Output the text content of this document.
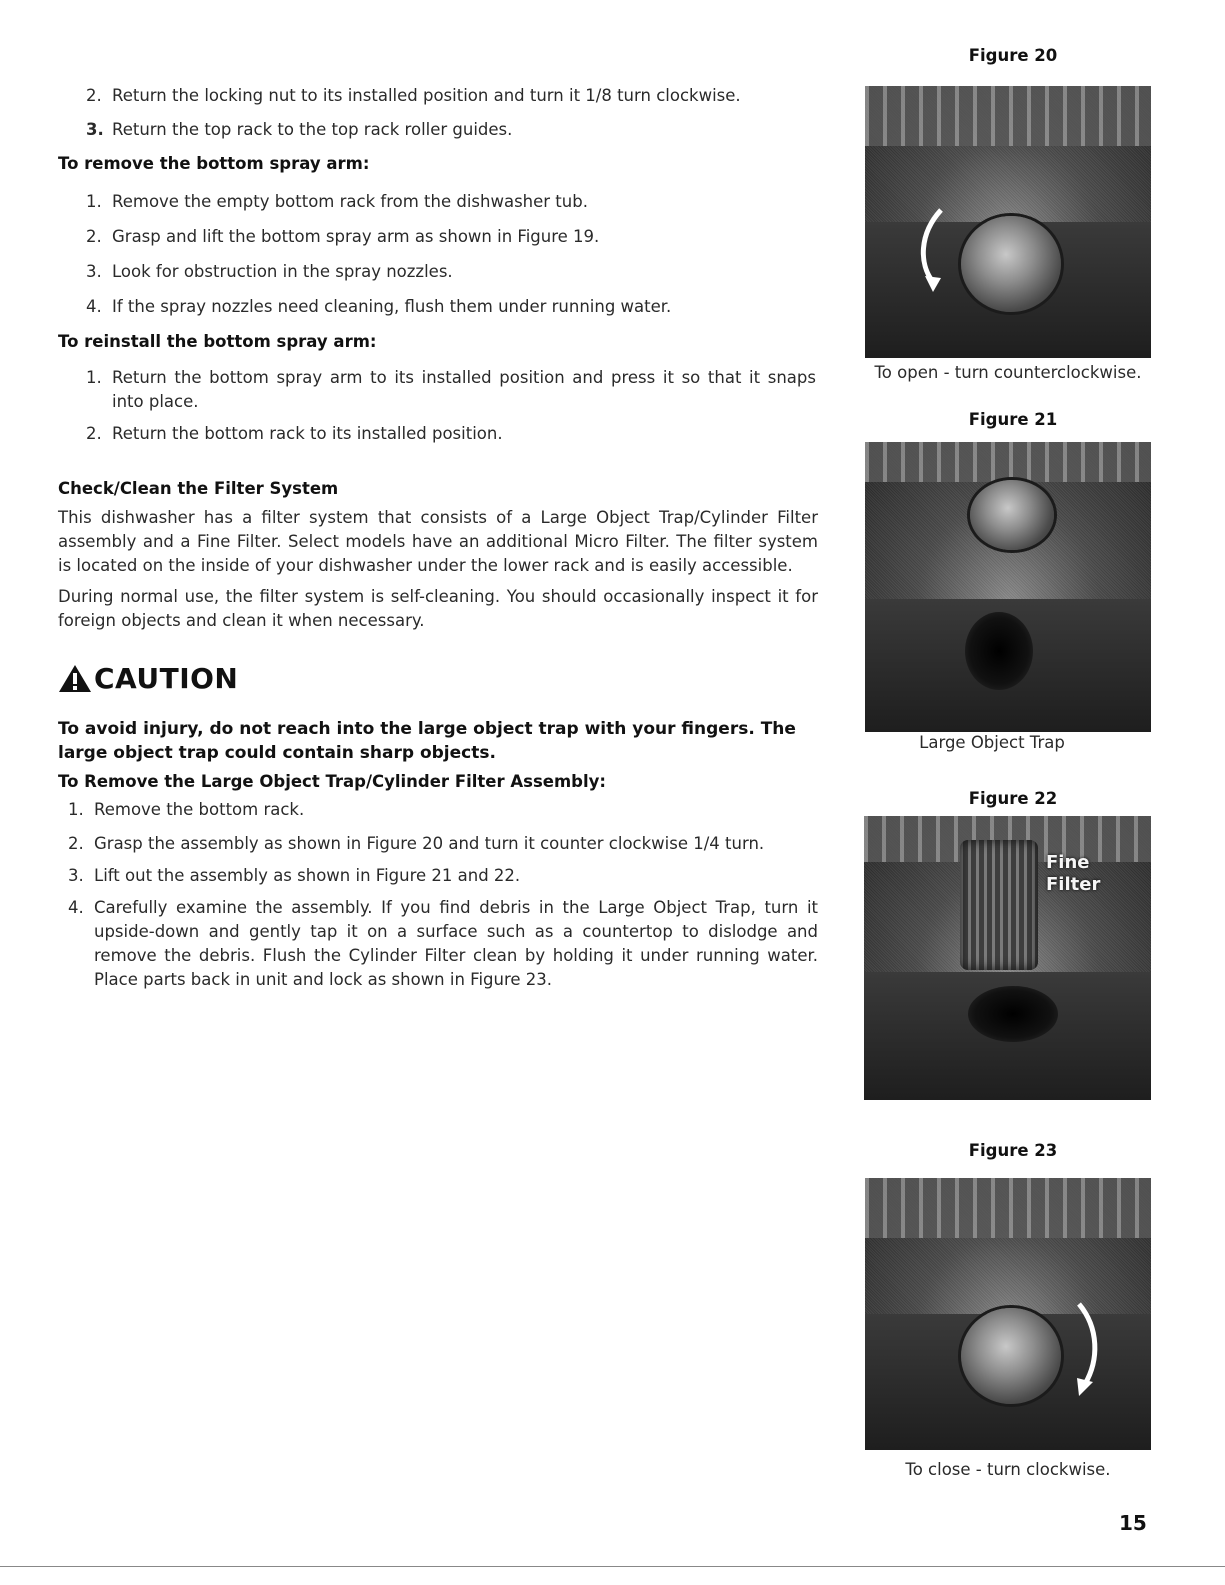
2. Return the locking nut to its installed position and turn it 1/8 turn clockwise.
3. Return the top rack to the top rack roller guides.
To remove the bottom spray arm:
1. Remove the empty bottom rack from the dishwasher tub.
2. Grasp and lift the bottom spray arm as shown in Figure 19.
3. Look for obstruction in the spray nozzles.
4. If the spray nozzles need cleaning, flush them under running water.
To reinstall the bottom spray arm:
1. Return the bottom spray arm to its installed position and press it so that it snaps into place.
2. Return the bottom rack to its installed position.
Check/Clean the Filter System
This dishwasher has a filter system that consists of a Large Object Trap/Cylinder Filter assembly and a Fine Filter. Select models have an additional Micro Filter. The filter system is located on the inside of your dishwasher under the lower rack and is easily accessible.
During normal use, the filter system is self-cleaning. You should occasionally inspect it for foreign objects and clean it when necessary.
CAUTION
To avoid injury, do not reach into the large object trap with your fingers. The large object trap could contain sharp objects.
To Remove the Large Object Trap/Cylinder Filter Assembly:
1. Remove the bottom rack.
2. Grasp the assembly as shown in Figure 20 and turn it counter clockwise 1/4 turn.
3. Lift out the assembly as shown in Figure 21 and 22.
4. Carefully examine the assembly. If you find debris in the Large Object Trap, turn it upside-down and gently tap it on a surface such as a countertop to dislodge and remove the debris. Flush the Cylinder Filter clean by holding it under running water. Place parts back in unit and lock as shown in Figure 23.
Figure 20
To open - turn counterclockwise.
Figure 21
Large Object Trap
Figure 22
Fine
Filter
Figure 23
To close - turn clockwise.
15
